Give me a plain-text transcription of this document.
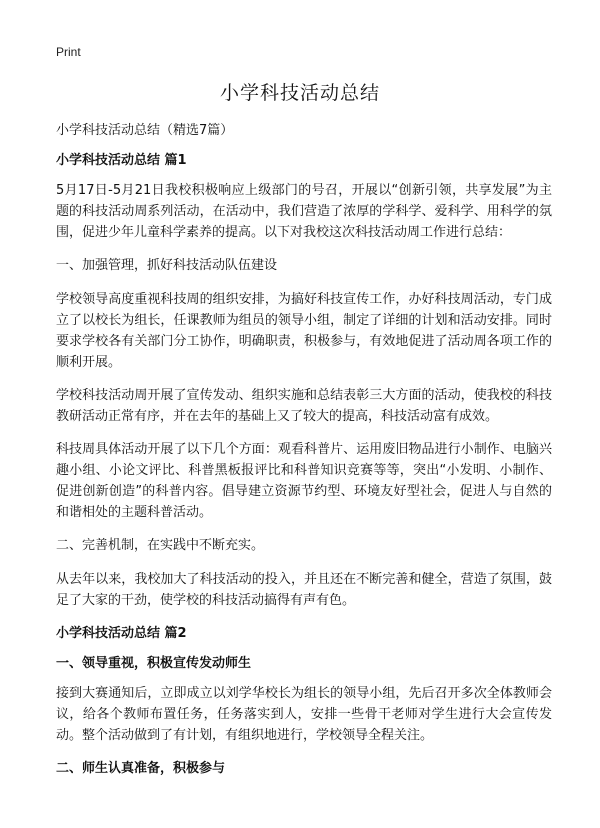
Print
小学科技活动总结

小学科技活动总结（精选7篇）

小学科技活动总结 篇1

5月17日-5月21日我校积极响应上级部门的号召，开展以“创新引领，共享发展”为主题的科技活动周系列活动，在活动中，我们营造了浓厚的学科学、爱科学、用科学的氛围，促进少年儿童科学素养的提高。以下对我校这次科技活动周工作进行总结：

一、加强管理，抓好科技活动队伍建设

学校领导高度重视科技周的组织安排，为搞好科技宣传工作，办好科技周活动，专门成立了以校长为组长，任课教师为组员的领导小组，制定了详细的计划和活动安排。同时要求学校各有关部门分工协作，明确职责，积极参与，有效地促进了活动周各项工作的顺利开展。

学校科技活动周开展了宣传发动、组织实施和总结表彰三大方面的活动，使我校的科技教研活动正常有序，并在去年的基础上又了较大的提高，科技活动富有成效。

科技周具体活动开展了以下几个方面：观看科普片、运用废旧物品进行小制作、电脑兴趣小组、小论文评比、科普黑板报评比和科普知识竞赛等等，突出“小发明、小制作、促进创新创造”的科普内容。倡导建立资源节约型、环境友好型社会，促进人与自然的和谐相处的主题科普活动。

二、完善机制，在实践中不断充实。

从去年以来，我校加大了科技活动的投入，并且还在不断完善和健全，营造了氛围，鼓足了大家的干劲，使学校的科技活动搞得有声有色。

小学科技活动总结 篇2

一、领导重视，积极宣传发动师生

接到大赛通知后，立即成立以刘学华校长为组长的领导小组，先后召开多次全体教师会议，给各个教师布置任务，任务落实到人，安排一些骨干老师对学生进行大会宣传发动。整个活动做到了有计划，有组织地进行，学校领导全程关注。

二、师生认真准备，积极参与
